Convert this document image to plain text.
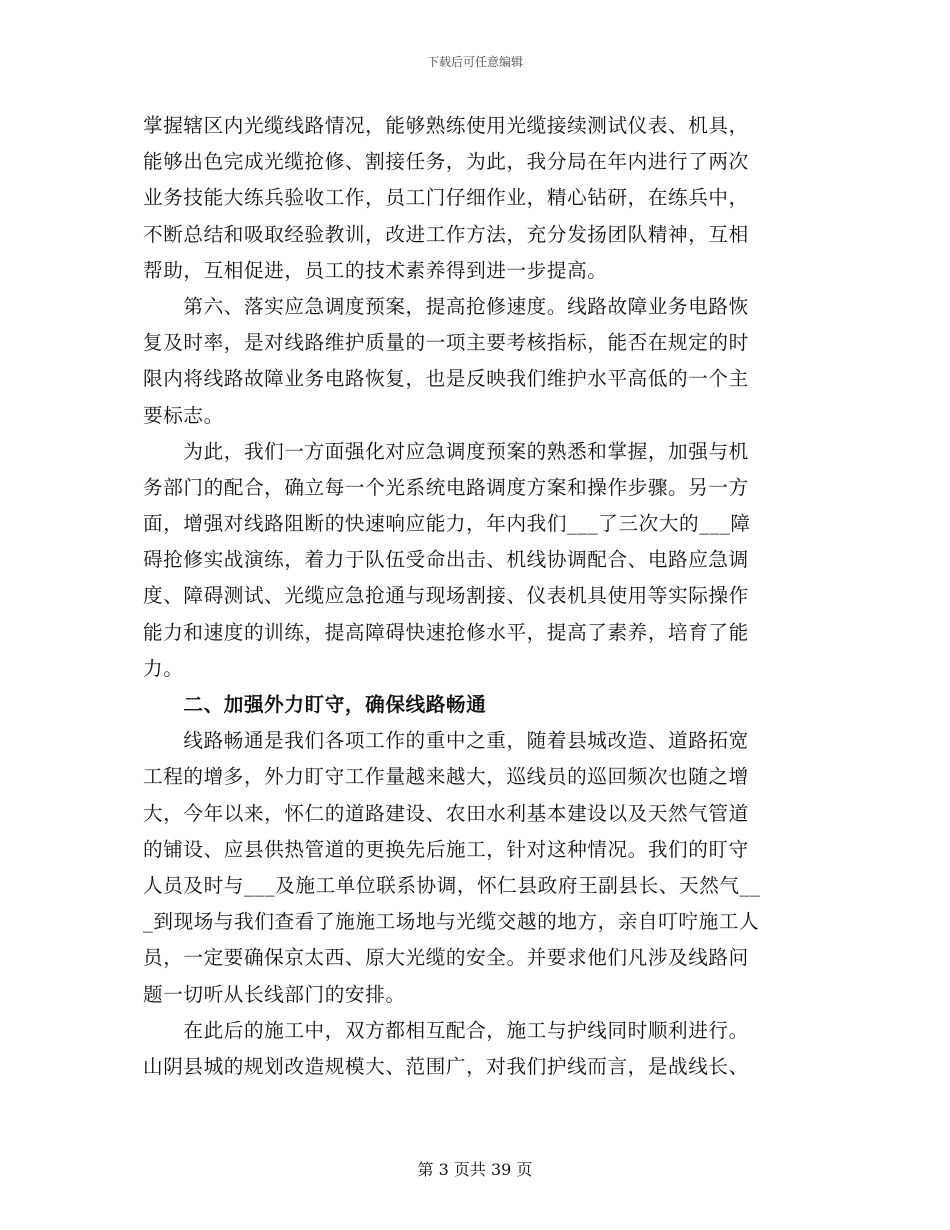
下载后可任意编辑
掌握辖区内光缆线路情况，能够熟练使用光缆接续测试仪表、机具，
能够出色完成光缆抢修、割接任务，为此，我分局在年内进行了两次
业务技能大练兵验收工作，员工门仔细作业，精心钻研，在练兵中，
不断总结和吸取经验教训，改进工作方法，充分发扬团队精神，互相
帮助，互相促进，员工的技术素养得到进一步提高。
　　第六、落实应急调度预案，提高抢修速度。线路故障业务电路恢
复及时率，是对线路维护质量的一项主要考核指标，能否在规定的时
限内将线路故障业务电路恢复，也是反映我们维护水平高低的一个主
要标志。
　　为此，我们一方面强化对应急调度预案的熟悉和掌握，加强与机
务部门的配合，确立每一个光系统电路调度方案和操作步骤。另一方
面，增强对线路阻断的快速响应能力，年内我们___了三次大的___障
碍抢修实战演练，着力于队伍受命出击、机线协调配合、电路应急调
度、障碍测试、光缆应急抢通与现场割接、仪表机具使用等实际操作
能力和速度的训练，提高障碍快速抢修水平，提高了素养，培育了能
力。
　　二、加强外力盯守，确保线路畅通
　　线路畅通是我们各项工作的重中之重，随着县城改造、道路拓宽
工程的增多，外力盯守工作量越来越大，巡线员的巡回频次也随之增
大，今年以来，怀仁的道路建设、农田水利基本建设以及天然气管道
的铺设、应县供热管道的更换先后施工，针对这种情况。我们的盯守
人员及时与___及施工单位联系协调，怀仁县政府王副县长、天然气__
_到现场与我们查看了施施工场地与光缆交越的地方，亲自叮咛施工人
员，一定要确保京太西、原大光缆的安全。并要求他们凡涉及线路问
题一切听从长线部门的安排。
　　在此后的施工中，双方都相互配合，施工与护线同时顺利进行。
山阴县城的规划改造规模大、范围广，对我们护线而言，是战线长、
第 3 页共 39 页
